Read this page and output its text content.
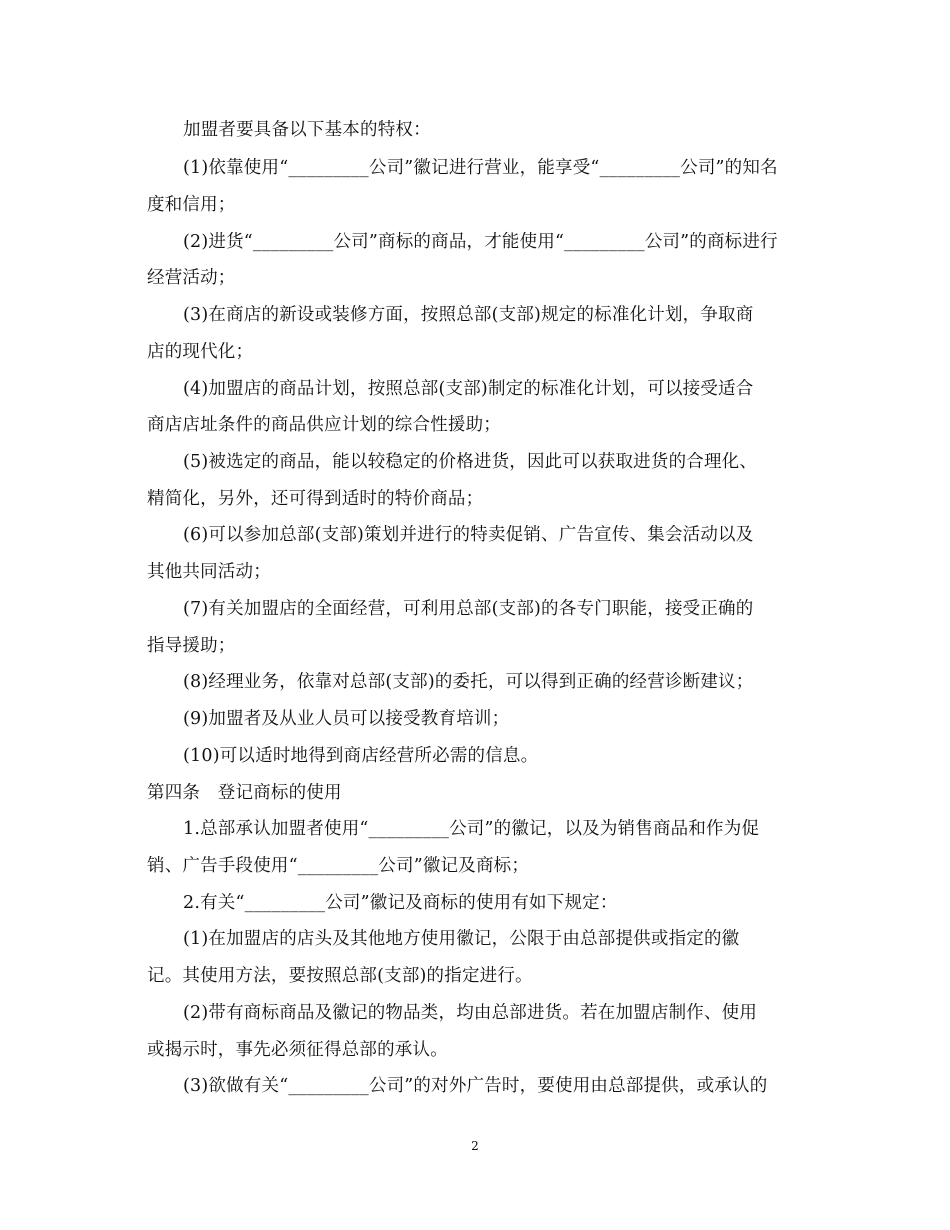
加盟者要具备以下基本的特权：
(1)依靠使用“_________公司”徽记进行营业，能享受“_________公司”的知名
度和信用；
(2)进货“_________公司”商标的商品，才能使用“_________公司”的商标进行
经营活动；
(3)在商店的新设或装修方面，按照总部(支部)规定的标准化计划，争取商
店的现代化；
(4)加盟店的商品计划，按照总部(支部)制定的标准化计划，可以接受适合
商店店址条件的商品供应计划的综合性援助；
(5)被选定的商品，能以较稳定的价格进货，因此可以获取进货的合理化、
精简化，另外，还可得到适时的特价商品；
(6)可以参加总部(支部)策划并进行的特卖促销、广告宣传、集会活动以及
其他共同活动；
(7)有关加盟店的全面经营，可利用总部(支部)的各专门职能，接受正确的
指导援助；
(8)经理业务，依靠对总部(支部)的委托，可以得到正确的经营诊断建议；
(9)加盟者及从业人员可以接受教育培训；
(10)可以适时地得到商店经营所必需的信息。
第四条　登记商标的使用
1.总部承认加盟者使用“_________公司”的徽记，以及为销售商品和作为促
销、广告手段使用“_________公司”徽记及商标；
2.有关“_________公司”徽记及商标的使用有如下规定：
(1)在加盟店的店头及其他地方使用徽记，公限于由总部提供或指定的徽
记。其使用方法，要按照总部(支部)的指定进行。
(2)带有商标商品及徽记的物品类，均由总部进货。若在加盟店制作、使用
或揭示时，事先必须征得总部的承认。
(3)欲做有关“_________公司”的对外广告时，要使用由总部提供，或承认的
2
